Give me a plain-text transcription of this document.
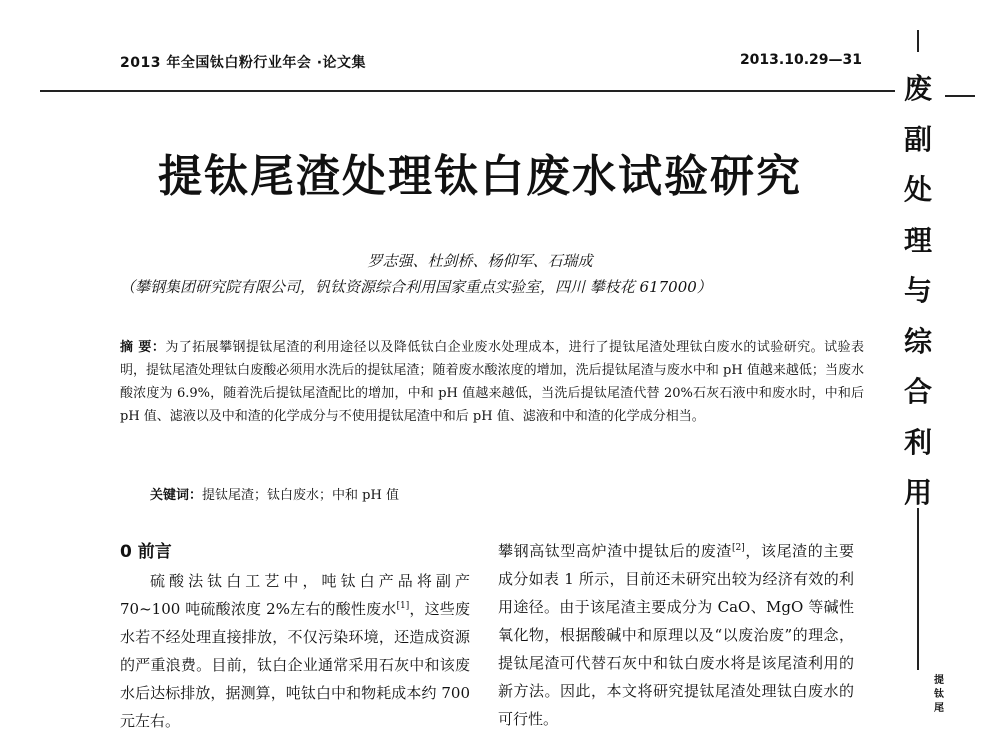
2013 年全国钛白粉行业年会 ·论文集	2013.10.29—31
废
副
处
理
与
综
合
利
用
提
钛
尾
提钛尾渣处理钛白废水试验研究
罗志强、杜剑桥、杨仰军、石瑞成
（攀钢集团研究院有限公司，钒钛资源综合利用国家重点实验室，四川 攀枝花 617000）
摘 要：为了拓展攀钢提钛尾渣的利用途径以及降低钛白企业废水处理成本，进行了提钛尾渣处理钛白废水的试验研究。试验表明，提钛尾渣处理钛白废酸必须用水洗后的提钛尾渣；随着废水酸浓度的增加，洗后提钛尾渣与废水中和 pH 值越来越低；当废水酸浓度为 6.9%，随着洗后提钛尾渣配比的增加，中和 pH 值越来越低，当洗后提钛尾渣代替 20%石灰石液中和废水时，中和后 pH 值、滤液以及中和渣的化学成分与不使用提钛尾渣中和后 pH 值、滤液和中和渣的化学成分相当。
关键词：提钛尾渣；钛白废水；中和 pH 值
0 前言
硫酸法钛白工艺中，吨钛白产品将副产 70~100 吨硫酸浓度 2%左右的酸性废水[1]，这些废水若不经处理直接排放，不仅污染环境，还造成资源的严重浪费。目前，钛白企业通常采用石灰中和该废水后达标排放，据测算，吨钛白中和物耗成本约 700 元左右。
攀钢高钛型高炉渣中提钛后的废渣[2]，该尾渣的主要成分如表 1 所示，目前还未研究出较为经济有效的利用途径。由于该尾渣主要成分为 CaO、MgO 等碱性氧化物，根据酸碱中和原理以及“以废治废”的理念，提钛尾渣可代替石灰中和钛白废水将是该尾渣利用的新方法。因此，本文将研究提钛尾渣处理钛白废水的可行性。
